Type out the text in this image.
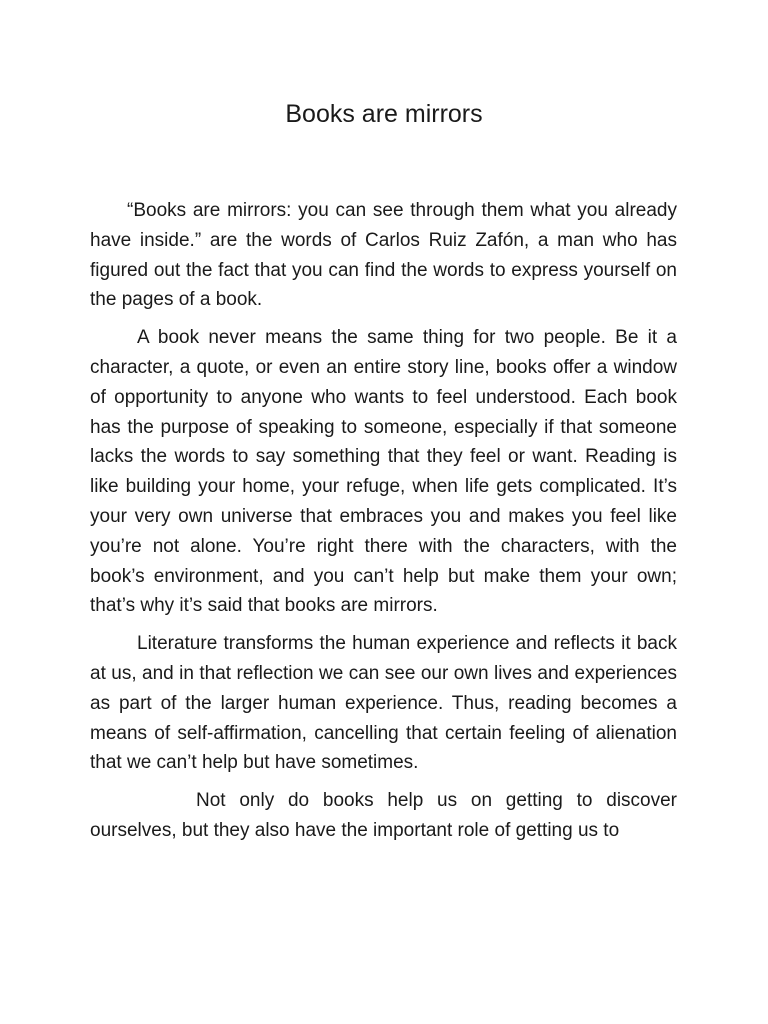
Books are mirrors

“Books are mirrors: you can see through them what you already have inside.” are the words of Carlos Ruiz Zafón, a man who has figured out the fact that you can find the words to express yourself on the pages of a book.

A book never means the same thing for two people. Be it a character, a quote, or even an entire story line, books offer a window of opportunity to anyone who wants to feel understood. Each book has the purpose of speaking to someone, especially if that someone lacks the words to say something that they feel or want. Reading is like building your home, your refuge, when life gets complicated. It’s your very own universe that embraces you and makes you feel like you’re not alone. You’re right there with the characters, with the book’s environment, and you can’t help but make them your own; that’s why it’s said that books are mirrors.

Literature transforms the human experience and reflects it back at us, and in that reflection we can see our own lives and experiences as part of the larger human experience. Thus, reading becomes a means of self-affirmation, cancelling that certain feeling of alienation that we can’t help but have sometimes.

Not only do books help us on getting to discover ourselves, but they also have the important role of getting us to
